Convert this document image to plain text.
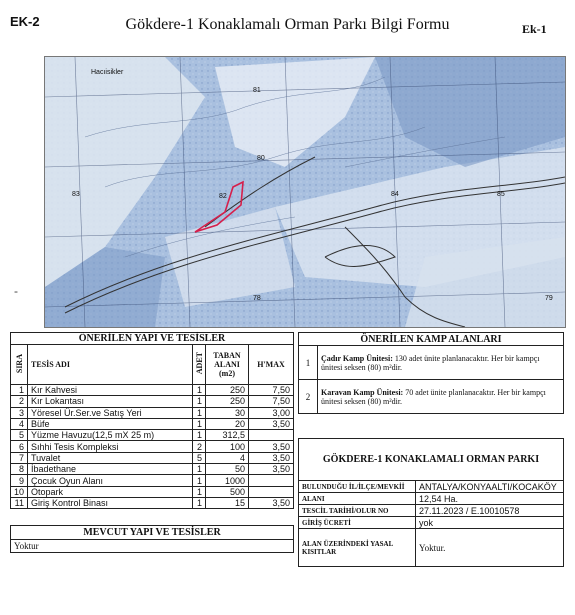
EK-2	Gökdere-1 Konaklamalı Orman Parkı Bilgi Formu	Ek-1
-
Hacıisikler
81
80
83	82	84	85
78	79
ÖNERİLEN YAPI VE TESİSLER				
SIRA	TESİS ADI	ADET	TABAN ALANI (m2)	H'MAX
1	Kır Kahvesi	1	250	7,50
2	Kır Lokantası	1	250	7,50
3	Yöresel Ür.Ser.ve Satış Yeri	1	30	3,00
4	Büfe	1	20	3,50
5	Yüzme Havuzu(12,5 mX 25 m)	1	312,5	
6	Sıhhi Tesis Kompleksi	2	100	3,50
7	Tuvalet	5	4	3,50
8	İbadethane	1	50	3,50
9	Çocuk Oyun Alanı	1	1000	
10	Otopark	1	500	
11	Giriş Kontrol Binası	1	15	3,50
MEVCUT YAPI VE TESİSLER
Yoktur
ÖNERİLEN KAMP ALANLARI	
1	Çadır Kamp Ünitesi: 130 adet ünite planlanacaktır. Her bir kampçı ünitesi seksen (80) m²dir.
2	Karavan Kamp Ünitesi: 70 adet ünite planlanacaktır. Her bir kampçı ünitesi seksen (80) m²dir.
GÖKDERE-1 KONAKLAMALI ORMAN PARKI	
BULUNDUĞU İL/İLÇE/MEVKİİ	ANTALYA/KONYAALTI/KOCAKÖY
ALANI	12,54 Ha.
TESCİL TARİHİ/OLUR NO	27.11.2023 / E.10010578
GİRİŞ ÜCRETİ	yok
ALAN ÜZERİNDEKİ YASAL KISITLAR	Yoktur.
